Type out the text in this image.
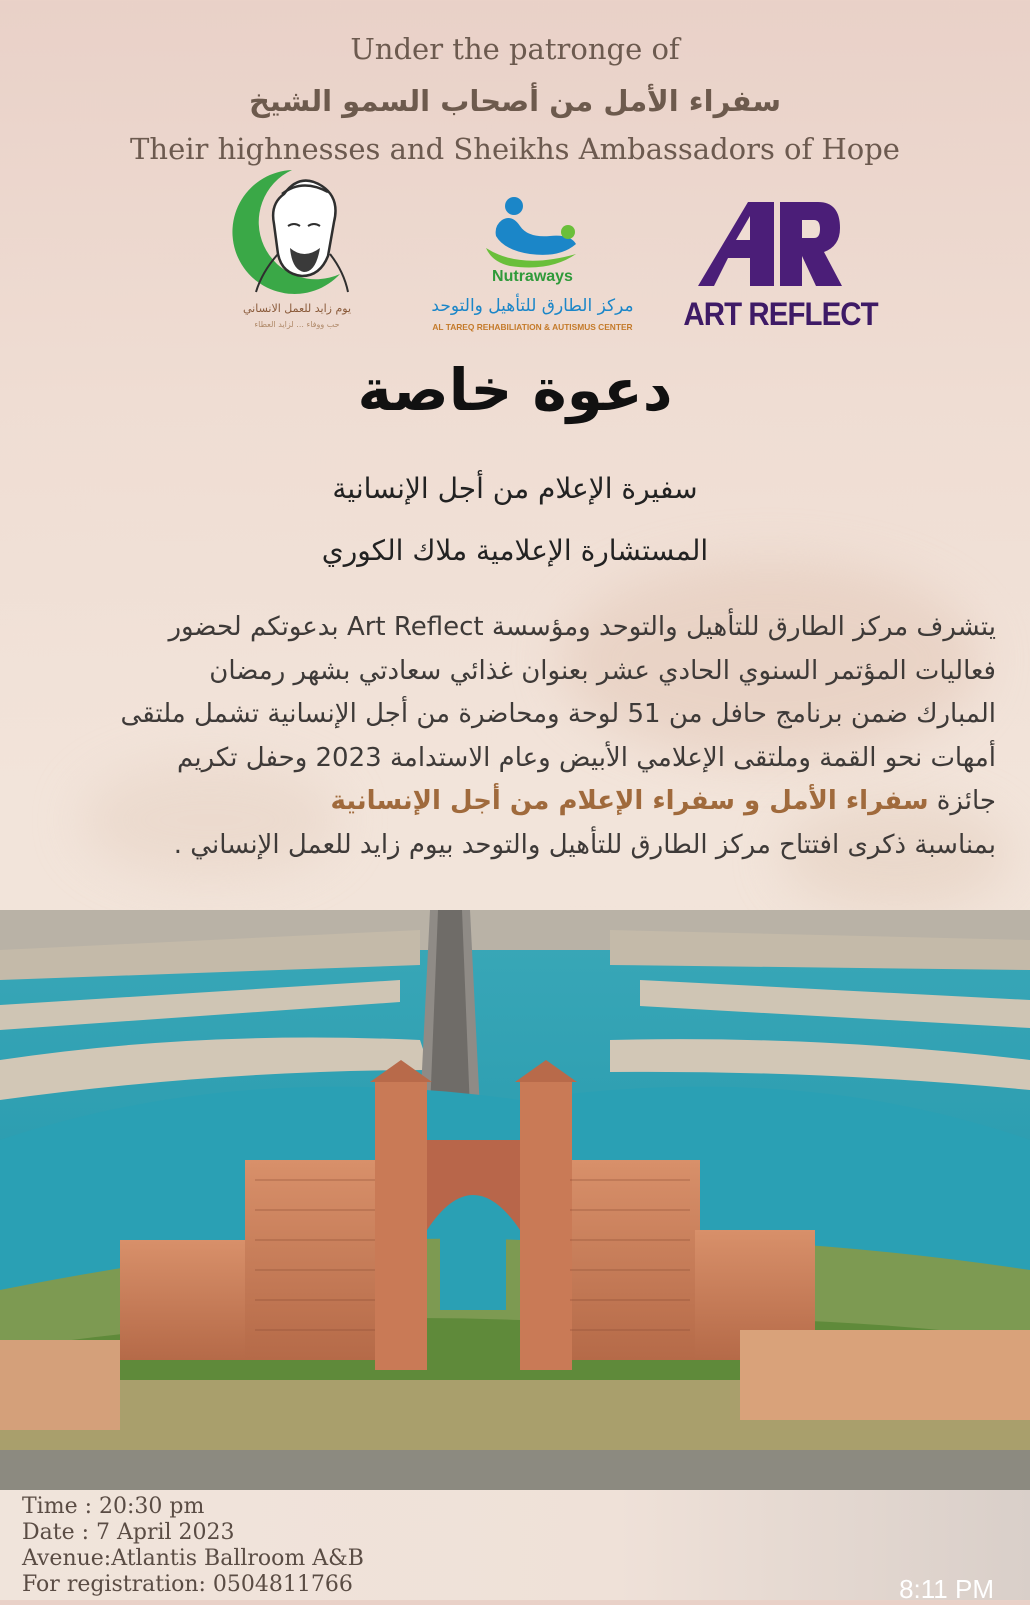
Under the patronge of
سفراء الأمل من أصحاب السمو الشيخ
Their highnesses and Sheikhs Ambassadors of Hope
يوم زايد للعمل الانساني
حب ووفاء ... لزايد العطاء
Nutraways
مركز الطارق للتأهيل والتوحد
AL TAREQ REHABILIATION & AUTISMUS CENTER	ART REFLECT
دعوة خاصة
سفيرة الإعلام من أجل الإنسانية
المستشارة الإعلامية ملاك الكوري
يتشرف مركز الطارق للتأهيل والتوحد ومؤسسة Art Reflect بدعوتكم لحضور
فعاليات المؤتمر السنوي الحادي عشر بعنوان غذائي سعادتي بشهر رمضان
المبارك ضمن برنامج حافل من 51 لوحة ومحاضرة من أجل الإنسانية تشمل ملتقى
أمهات نحو القمة وملتقى الإعلامي الأبيض وعام الاستدامة 2023 وحفل تكريم
جائزة سفراء الأمل و سفراء الإعلام من أجل الإنسانية
بمناسبة ذكرى افتتاح مركز الطارق للتأهيل والتوحد بيوم زايد للعمل الإنساني .
Time : 20:30 pm
Date : 7 April 2023
Avenue:Atlantis Ballroom A&B
For registration: 0504811766	8:11 PM
